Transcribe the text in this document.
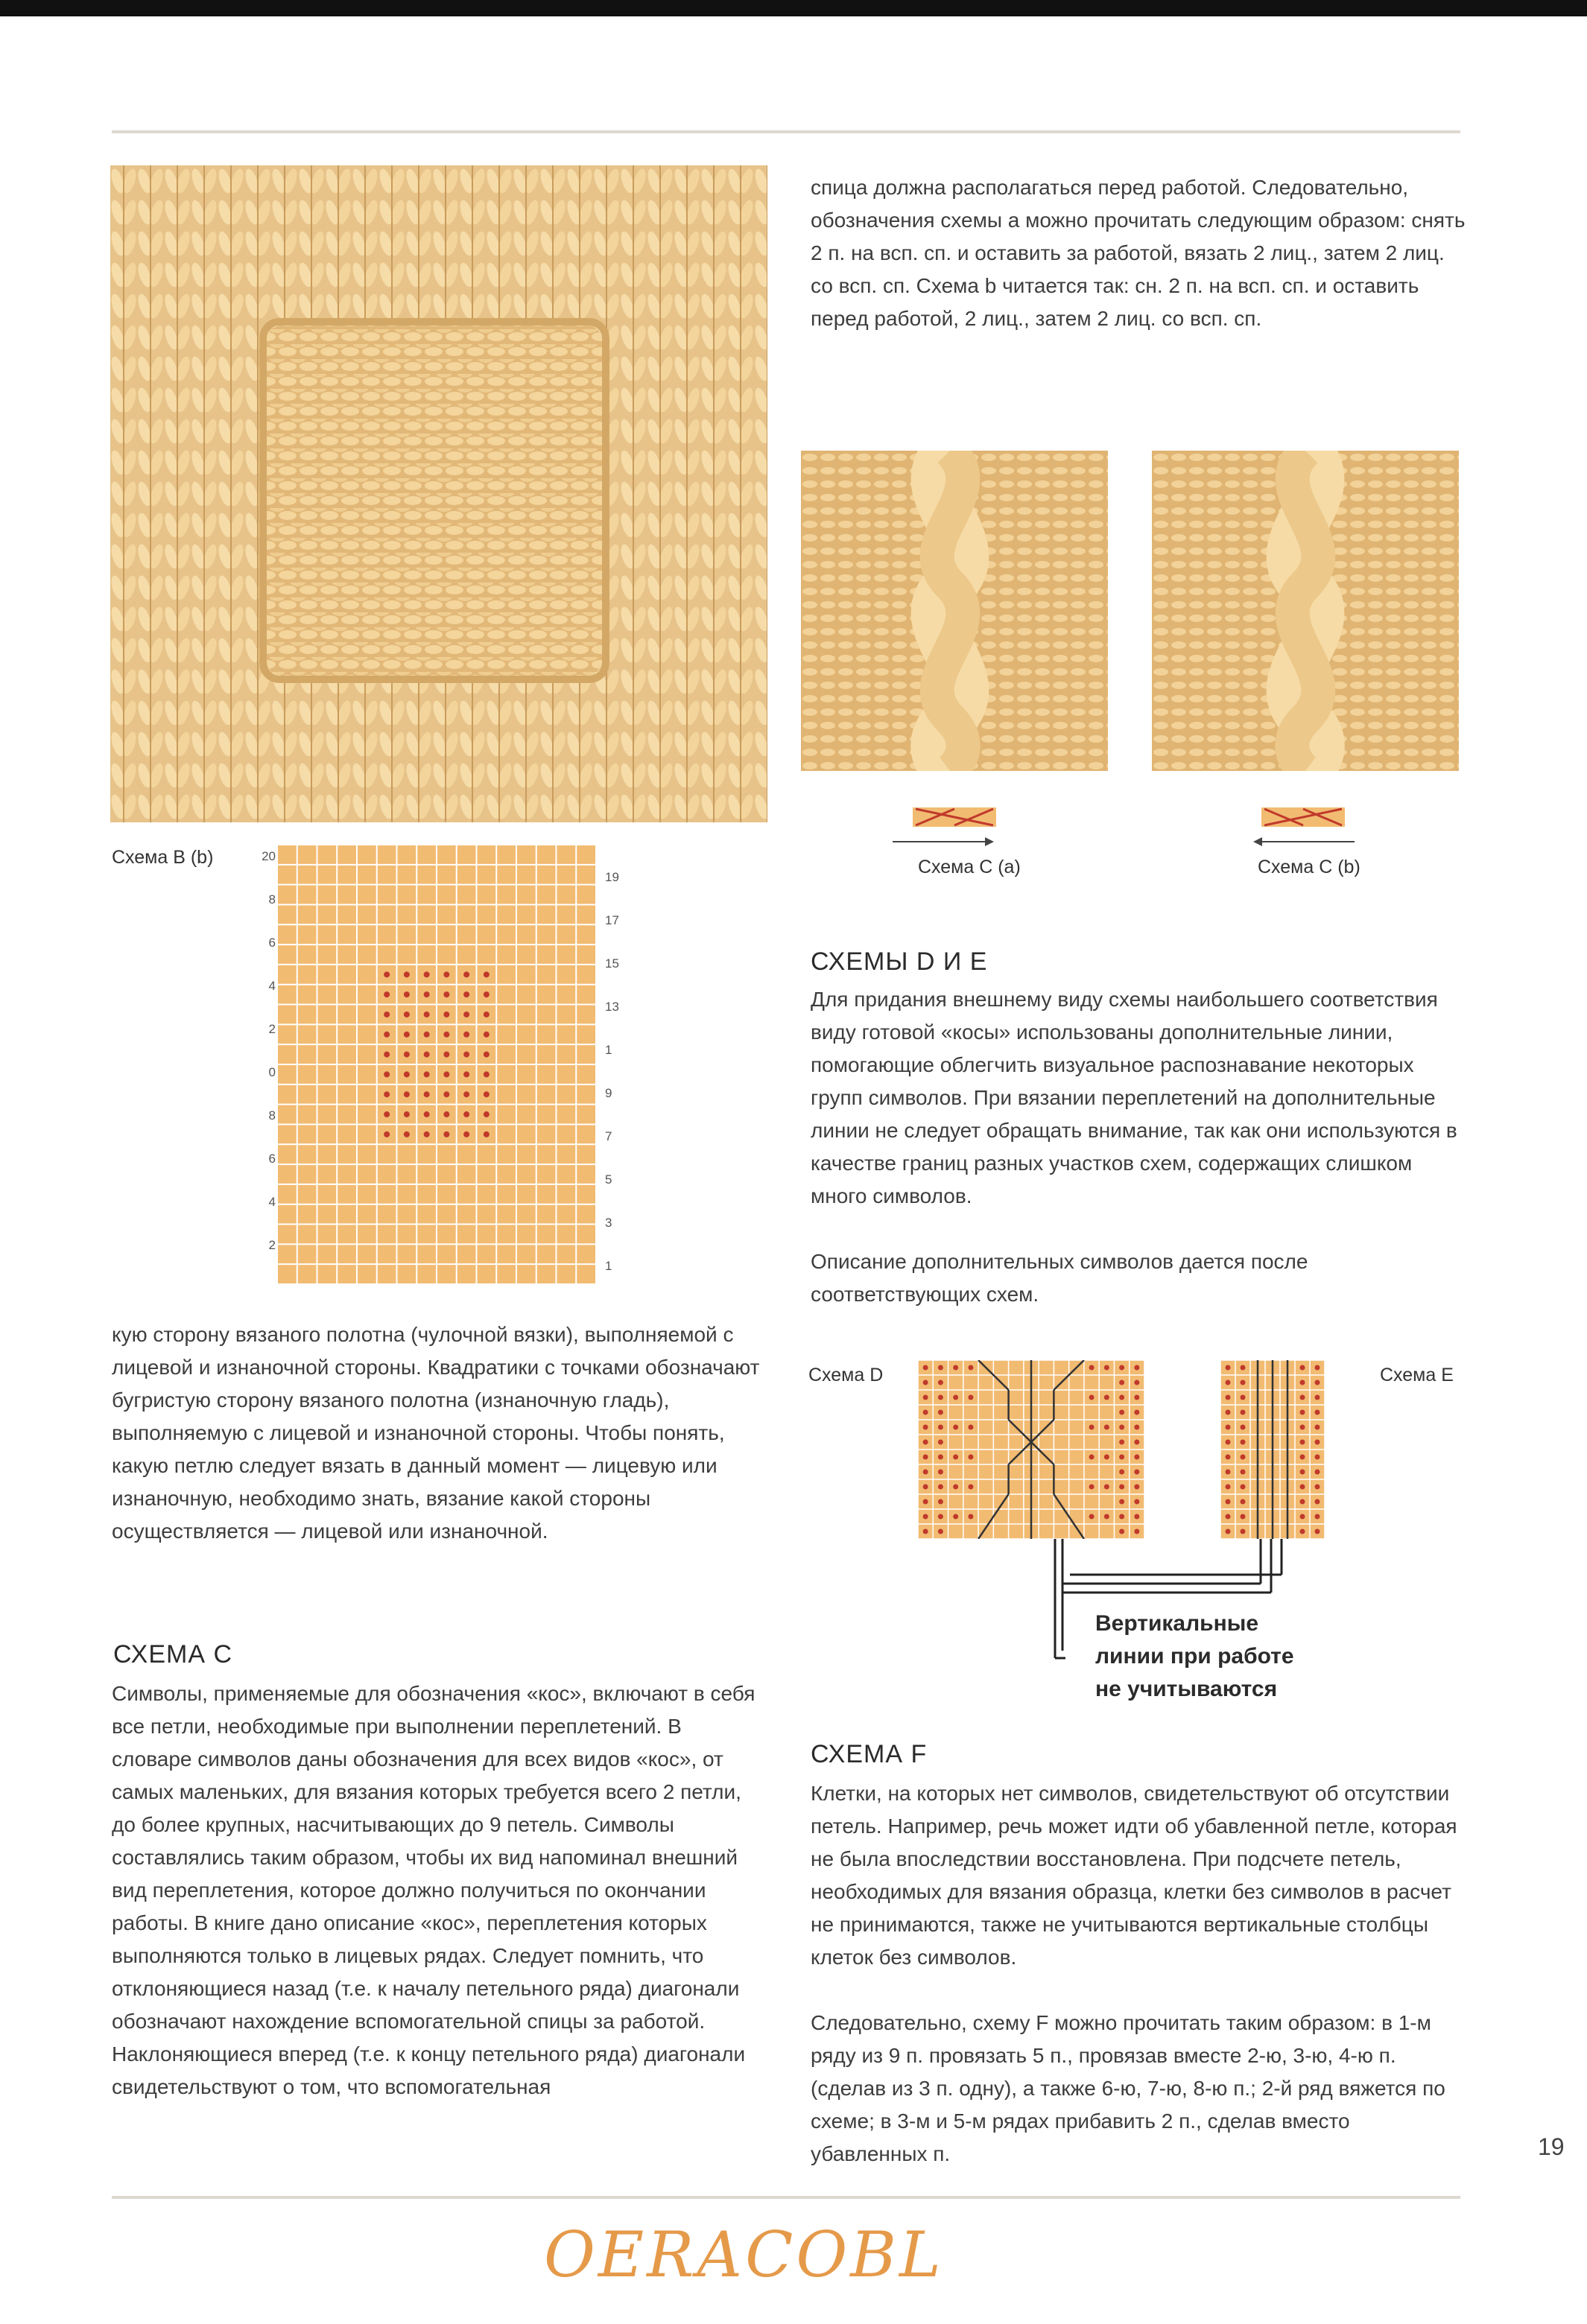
Схема B (b)	20
8
6
4
2
0
8
6
4
2
19
17
15
13
1
9
7
5
3
1

кую сторону вязаного полотна (чулочной вязки), выполняемой с лицевой и изнаночной стороны. Квадратики с точками обозначают бугристую сторону вязаного полотна (изнаночную гладь), выполняемую с лицевой и изнаночной стороны. Чтобы понять, какую петлю следует вязать в данный момент — лицевую или изнаночную, необходимо знать, вязание какой стороны осуществляется — лицевой или изнаночной.

СХЕМА С

Символы, применяемые для обозначения «кос», включают в себя все петли, необходимые при выполнении переплетений. В словаре символов даны обозначения для всех видов «кос», от самых маленьких, для вязания которых требуется всего 2 петли, до более крупных, насчитывающих до 9 петель. Символы составлялись таким образом, чтобы их вид напоминал внешний вид переплетения, которое должно получиться по окончании работы. В книге дано описание «кос», переплетения которых выполняются только в лицевых рядах. Следует помнить, что отклоняющиеся назад (т.е. к началу петельного ряда) диагонали обозначают нахождение вспомогательной спицы за работой. Наклоняющиеся вперед (т.е. к концу петельного ряда) диагонали свидетельствуют о том, что вспомогательная

спица должна располагаться перед работой. Следовательно, обозначения схемы а можно прочитать следующим образом: снять 2 п. на всп. сп. и оставить за работой, вязать 2 лиц., затем 2 лиц. со всп. сп. Схема b читается так: сн. 2 п. на всп. сп. и оставить перед работой, 2 лиц., затем 2 лиц. со всп. сп.

Схема С (a)	Схема С (b)
СХЕМЫ D И E

Для придания внешнему виду схемы наибольшего соответствия виду готовой «косы» использованы дополнительные линии, помогающие облегчить визуальное распознавание некоторых групп символов. При вязании переплетений на дополнительные линии не следует обращать внимание, так как они используются в качестве границ разных участков схем, содержащих слишком много символов.

Описание дополнительных символов дается после соответствующих схем.

Схема D	Схема E
Вертикальные
линии при работе
не учитываются
СХЕМА F

Клетки, на которых нет символов, свидетельствуют об отсутствии петель. Например, речь может идти об убавленной петле, которая не была впоследствии восстановлена. При подсчете петель, необходимых для вязания образца, клетки без символов в расчет не принимаются, также не учитываются вертикальные столбцы клеток без символов.

Следовательно, схему F можно прочитать таким образом: в 1-м ряду из 9 п. провязать 5 п., провязав вместе 2-ю, 3-ю, 4-ю п. (сделав из 3 п. одну), а также 6-ю, 7-ю, 8-ю п.; 2-й ряд вяжется по схеме; в 3-м и 5-м рядах прибавить 2 п., сделав вместо убавленных п.	19
OERACOBL
